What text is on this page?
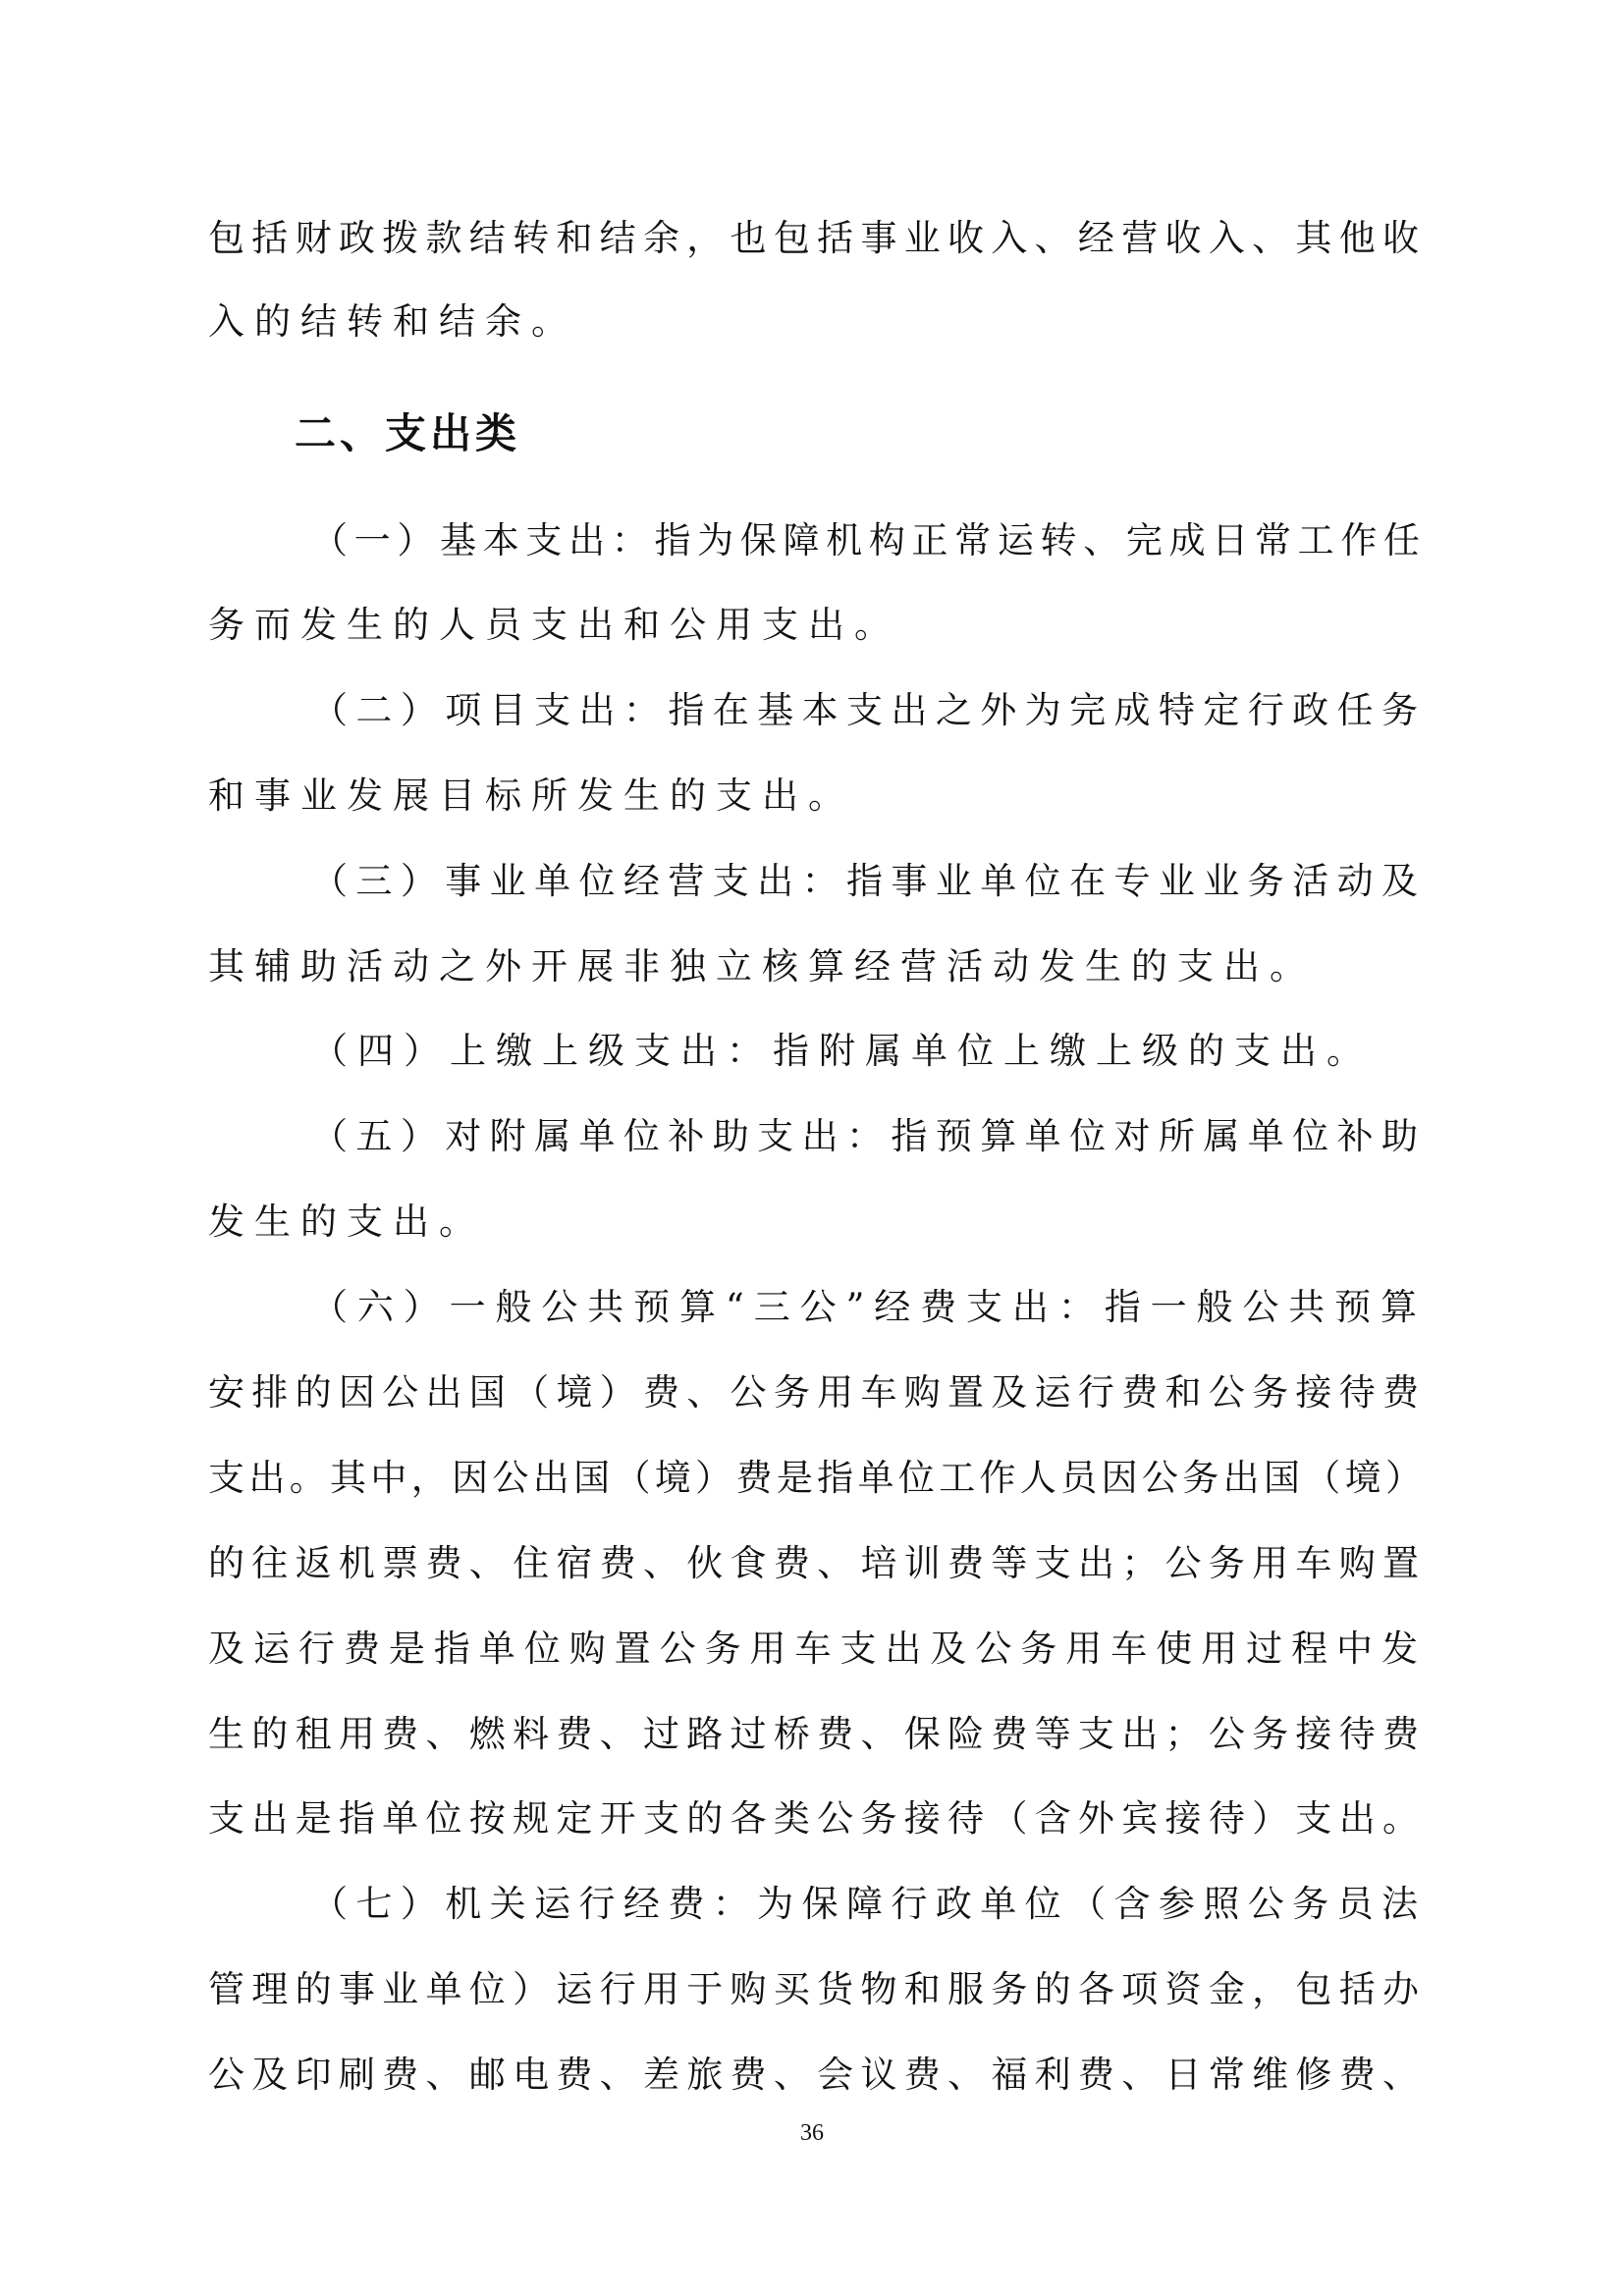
包括财政拨款结转和结余，也包括事业收入、经营收入、其他收
入的结转和结余。
二、支出类
（一）基本支出：指为保障机构正常运转、完成日常工作任
务而发生的人员支出和公用支出。
（二）项目支出：指在基本支出之外为完成特定行政任务
和事业发展目标所发生的支出。
（三）事业单位经营支出：指事业单位在专业业务活动及
其辅助活动之外开展非独立核算经营活动发生的支出。
（四）上缴上级支出：指附属单位上缴上级的支出。
（五）对附属单位补助支出：指预算单位对所属单位补助
发生的支出。
（六）一般公共预算“三公”经费支出：指一般公共预算
安排的因公出国（境）费、公务用车购置及运行费和公务接待费
支出。其中，因公出国（境）费是指单位工作人员因公务出国（境）
的往返机票费、住宿费、伙食费、培训费等支出；公务用车购置
及运行费是指单位购置公务用车支出及公务用车使用过程中发
生的租用费、燃料费、过路过桥费、保险费等支出；公务接待费
支出是指单位按规定开支的各类公务接待（含外宾接待）支出。
（七）机关运行经费：为保障行政单位（含参照公务员法
管理的事业单位）运行用于购买货物和服务的各项资金，包括办
公及印刷费、邮电费、差旅费、会议费、福利费、日常维修费、
36
